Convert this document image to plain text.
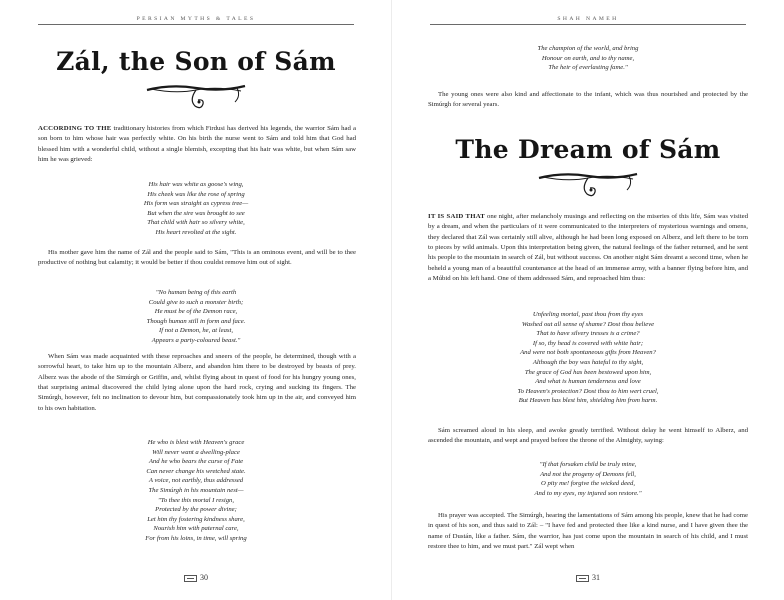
PERSIAN MYTHS & TALES
Zál, the Son of Sám

ACCORDING TO THE traditionary histories from which Firdusi has derived his legends, the warrior Sám had a son born to him whose hair was perfectly white. On his birth the nurse went to Sám and told him that God had blessed him with a wonderful child, without a single blemish, excepting that his hair was white, but when Sám saw him he was grieved:

His hair was white as goose's wing,
His cheek was like the rose of spring
His form was straight as cypress tree—
But when the sire was brought to see
That child with hair so silvery white,
His heart revolted at the sight.
His mother gave him the name of Zál and the people said to Sám, "This is an ominous event, and will be to thee productive of nothing but calamity; it would be better if thou couldst remove him out of sight.
"No human being of this earth
Could give to such a monster birth;
He must be of the Demon race,
Though human still in form and face.
If not a Demon, he, at least,
Appears a party-coloured beast."
When Sám was made acquainted with these reproaches and sneers of the people, he determined, though with a sorrowful heart, to take him up to the mountain Alberz, and abandon him there to be destroyed by beasts of prey. Alberz was the abode of the Simúrgh or Griffin, and, whilst flying about in quest of food for his hungry young ones, that surprising animal discovered the child lying alone upon the hard rock, crying and sucking its fingers. The Simúrgh, however, felt no inclination to devour him, but compassionately took him up in the air, and conveyed him to his own habitation.
He who is blest with Heaven's grace
Will never want a dwelling-place
And he who bears the curse of Fate
Can never change his wretched state.
A voice, not earthly, thus addressed
The Simúrgh in his mountain nest—
"To thee this mortal I resign,
Protected by the power divine;
Let him thy fostering kindness share,
Nourish him with paternal care,
For from his loins, in time, will spring
30
SHAH NAMEH
The champion of the world, and bring
Honour on earth, and to thy name,
The heir of everlasting fame."
The young ones were also kind and affectionate to the infant, which was thus nourished and protected by the Simúrgh for several years.
The Dream of Sám

IT IS SAID THAT one night, after melancholy musings and reflecting on the miseries of this life, Sám was visited by a dream, and when the particulars of it were communicated to the interpreters of mysterious warnings and omens, they declared that Zál was certainly still alive, although he had been long exposed on Alberz, and left there to be torn to pieces by wild animals. Upon this interpretation being given, the natural feelings of the father returned, and he sent his people to the mountain in search of Zál, but without success. On another night Sám dreamt a second time, when he beheld a young man of a beautiful countenance at the head of an immense army, with a banner flying before him, and a Múbid on his left hand. One of them addressed Sám, and reproached him thus:

Unfeeling mortal, past thou from thy eyes
Washed out all sense of shame? Dost thou believe
That to have silvery tresses is a crime?
If so, thy head is covered with white hair;
And were not both spontaneous gifts from Heaven?
Although the boy was hateful to thy sight,
The grace of God has been bestowed upon him,
And what is human tenderness and love
To Heaven's protection? Dost thou to him wert cruel,
But Heaven has blest him, shielding him from harm.
Sám screamed aloud in his sleep, and awoke greatly terrified. Without delay he went himself to Alberz, and ascended the mountain, and wept and prayed before the throne of the Almighty, saying:
"If that forsaken child be truly mine,
And not the progeny of Demons fell,
O pity me! forgive the wicked deed,
And to my eyes, my injured son restore."
His prayer was accepted. The Simúrgh, hearing the lamentations of Sám among his people, knew that he had come in quest of his son, and thus said to Zál: – "I have fed and protected thee like a kind nurse, and I have given thee the name of Dustán, like a father. Sám, the warrior, has just come upon the mountain in search of his child, and I must restore thee to him, and we must part." Zál wept when
31
